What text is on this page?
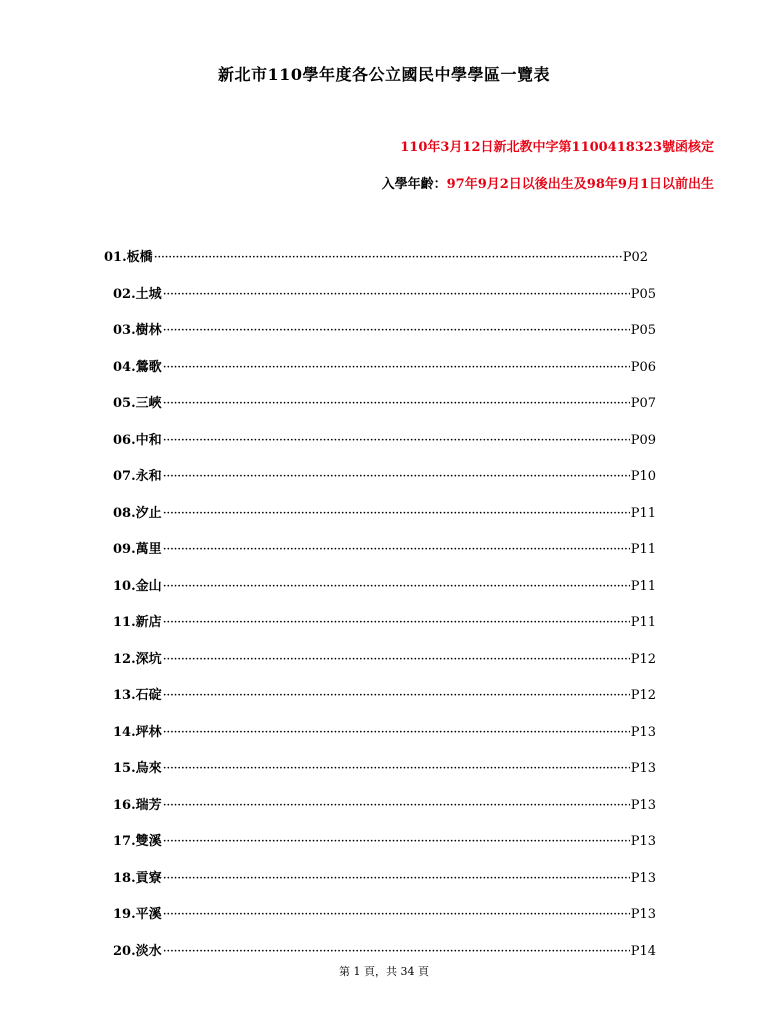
新北市110學年度各公立國民中學學區一覽表
110年3月12日新北教中字第1100418323號函核定
入學年齡：97年9月2日以後出生及98年9月1日以前出生
01.板橋 ·····	P02
02.土城 ·····	P05
03.樹林 ·····	P05
04.鶯歌 ·····	P06
05.三峽 ·····	P07
06.中和 ·····	P09
07.永和 ·····	P10
08.汐止 ·····	P11
09.萬里 ·····	P11
10.金山 ·····	P11
11.新店 ·····	P11
12.深坑 ·····	P12
13.石碇 ·····	P12
14.坪林 ·····	P13
15.烏來 ·····	P13
16.瑞芳 ·····	P13
17.雙溪 ·····	P13
18.貢寮 ·····	P13
19.平溪 ·····	P13
20.淡水 ·····	P14
第 1 頁，共 34 頁
